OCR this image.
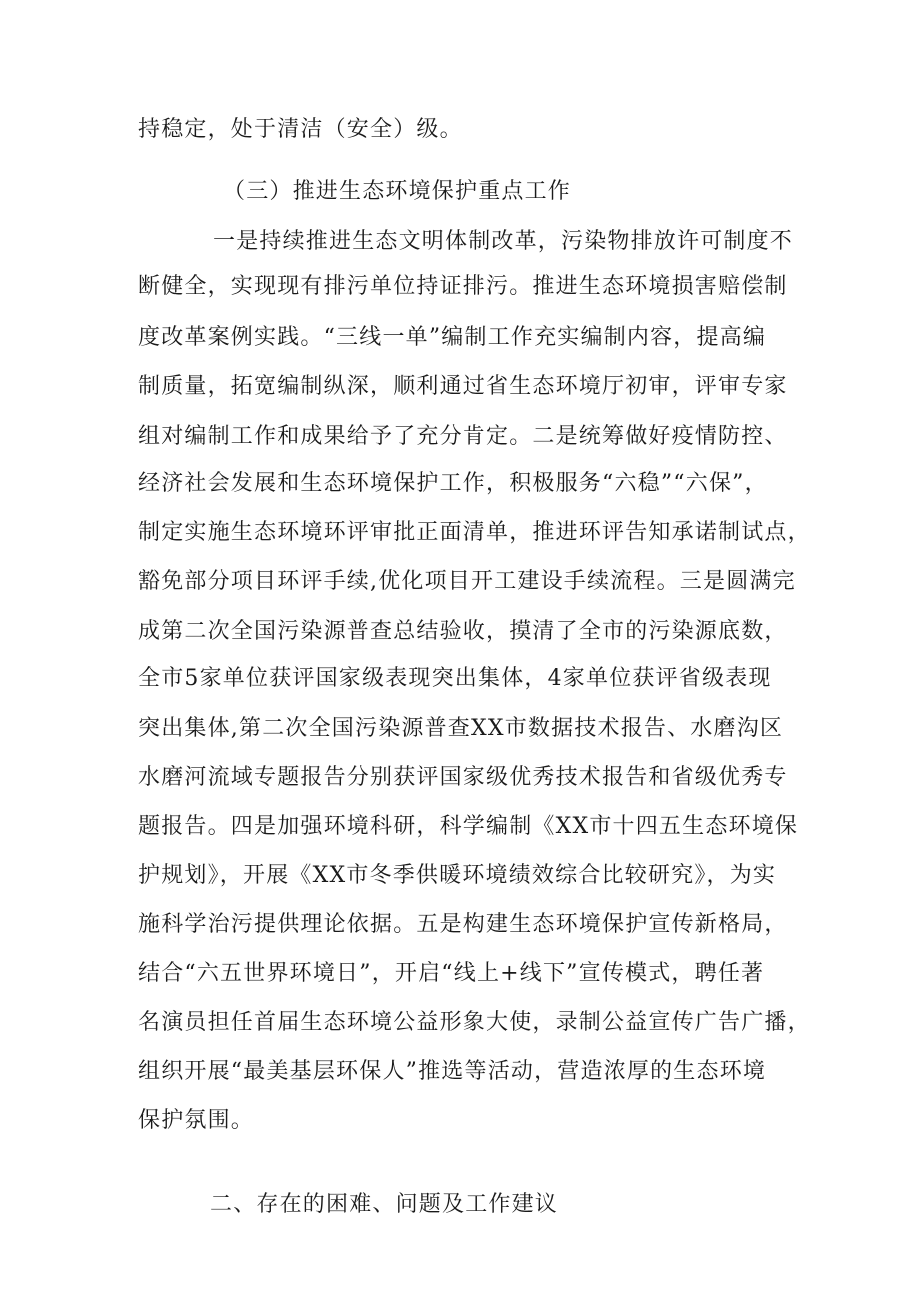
持稳定，处于清洁（安全）级。
（三）推进生态环境保护重点工作
一是持续推进生态文明体制改革，污染物排放许可制度不
断健全，实现现有排污单位持证排污。推进生态环境损害赔偿制
度改革案例实践。“三线一单”编制工作充实编制内容，提高编
制质量，拓宽编制纵深，顺利通过省生态环境厅初审，评审专家
组对编制工作和成果给予了充分肯定。二是统筹做好疫情防控、
经济社会发展和生态环境保护工作，积极服务“六稳”“六保”，
制定实施生态环境环评审批正面清单，推进环评告知承诺制试点，
豁免部分项目环评手续,优化项目开工建设手续流程。三是圆满完
成第二次全国污染源普查总结验收，摸清了全市的污染源底数，
全市5家单位获评国家级表现突出集体，4家单位获评省级表现
突出集体,第二次全国污染源普查XX市数据技术报告、水磨沟区
水磨河流域专题报告分别获评国家级优秀技术报告和省级优秀专
题报告。四是加强环境科研，科学编制《XX市十四五生态环境保
护规划》，开展《XX市冬季供暖环境绩效综合比较研究》，为实
施科学治污提供理论依据。五是构建生态环境保护宣传新格局，
结合“六五世界环境日”，开启“线上+线下”宣传模式，聘任著
名演员担任首届生态环境公益形象大使，录制公益宣传广告广播，
组织开展“最美基层环保人”推选等活动，营造浓厚的生态环境
保护氛围。
二、存在的困难、问题及工作建议
